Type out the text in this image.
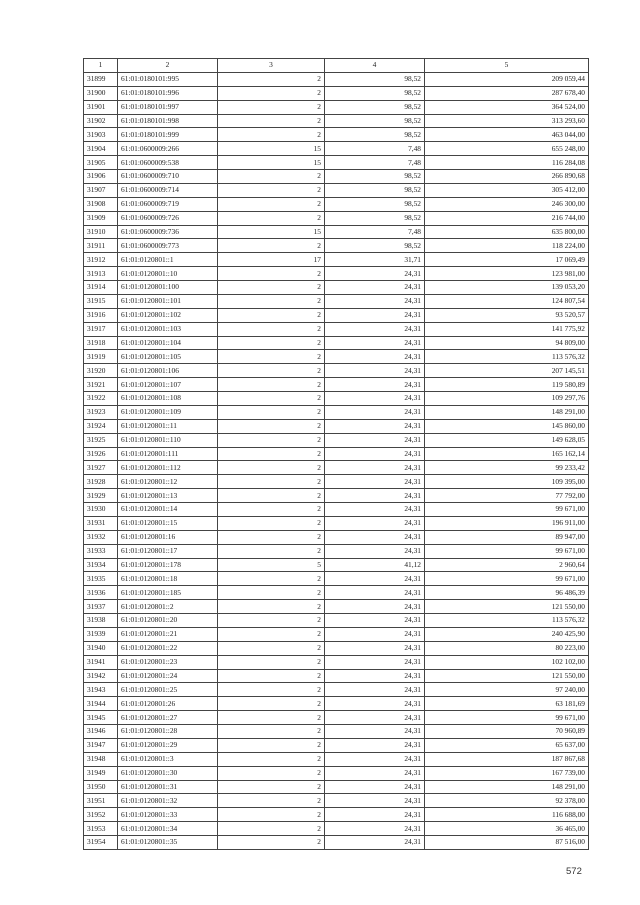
1	2	3	4	5
31899	61:01:0180101:995	2	98,52	209 059,44
31900	61:01:0180101:996	2	98,52	287 678,40
31901	61:01:0180101:997	2	98,52	364 524,00
31902	61:01:0180101:998	2	98,52	313 293,60
31903	61:01:0180101:999	2	98,52	463 044,00
31904	61:01:0600009:266	15	7,48	655 248,00
31905	61:01:0600009:538	15	7,48	116 284,08
31906	61:01:0600009:710	2	98,52	266 890,68
31907	61:01:0600009:714	2	98,52	305 412,00
31908	61:01:0600009:719	2	98,52	246 300,00
31909	61:01:0600009:726	2	98,52	216 744,00
31910	61:01:0600009:736	15	7,48	635 800,00
31911	61:01:0600009:773	2	98,52	118 224,00
31912	61:01:0120801::1	17	31,71	17 069,49
31913	61:01:0120801::10	2	24,31	123 981,00
31914	61:01:0120801:100	2	24,31	139 053,20
31915	61:01:0120801::101	2	24,31	124 807,54
31916	61:01:0120801::102	2	24,31	93 520,57
31917	61:01:0120801::103	2	24,31	141 775,92
31918	61:01:0120801::104	2	24,31	94 809,00
31919	61:01:0120801::105	2	24,31	113 576,32
31920	61:01:0120801:106	2	24,31	207 145,51
31921	61:01:0120801::107	2	24,31	119 580,89
31922	61:01:0120801::108	2	24,31	109 297,76
31923	61:01:0120801::109	2	24,31	148 291,00
31924	61:01:0120801::11	2	24,31	145 860,00
31925	61:01:0120801::110	2	24,31	149 628,05
31926	61:01:0120801:111	2	24,31	165 162,14
31927	61:01:0120801::112	2	24,31	99 233,42
31928	61:01:0120801::12	2	24,31	109 395,00
31929	61:01:0120801::13	2	24,31	77 792,00
31930	61:01:0120801::14	2	24,31	99 671,00
31931	61:01:0120801::15	2	24,31	196 911,00
31932	61:01:0120801:16	2	24,31	89 947,00
31933	61:01:0120801::17	2	24,31	99 671,00
31934	61:01:0120801::178	5	41,12	2 960,64
31935	61:01:0120801::18	2	24,31	99 671,00
31936	61:01:0120801::185	2	24,31	96 486,39
31937	61:01:0120801::2	2	24,31	121 550,00
31938	61:01:0120801::20	2	24,31	113 576,32
31939	61:01:0120801::21	2	24,31	240 425,90
31940	61:01:0120801::22	2	24,31	80 223,00
31941	61:01:0120801::23	2	24,31	102 102,00
31942	61:01:0120801::24	2	24,31	121 550,00
31943	61:01:0120801::25	2	24,31	97 240,00
31944	61:01:0120801:26	2	24,31	63 181,69
31945	61:01:0120801::27	2	24,31	99 671,00
31946	61:01:0120801::28	2	24,31	70 960,89
31947	61:01:0120801::29	2	24,31	65 637,00
31948	61:01:0120801::3	2	24,31	187 867,68
31949	61:01:0120801::30	2	24,31	167 739,00
31950	61:01:0120801::31	2	24,31	148 291,00
31951	61:01:0120801::32	2	24,31	92 378,00
31952	61:01:0120801::33	2	24,31	116 688,00
31953	61:01:0120801::34	2	24,31	36 465,00
31954	61:01:0120801::35	2	24,31	87 516,00
572
